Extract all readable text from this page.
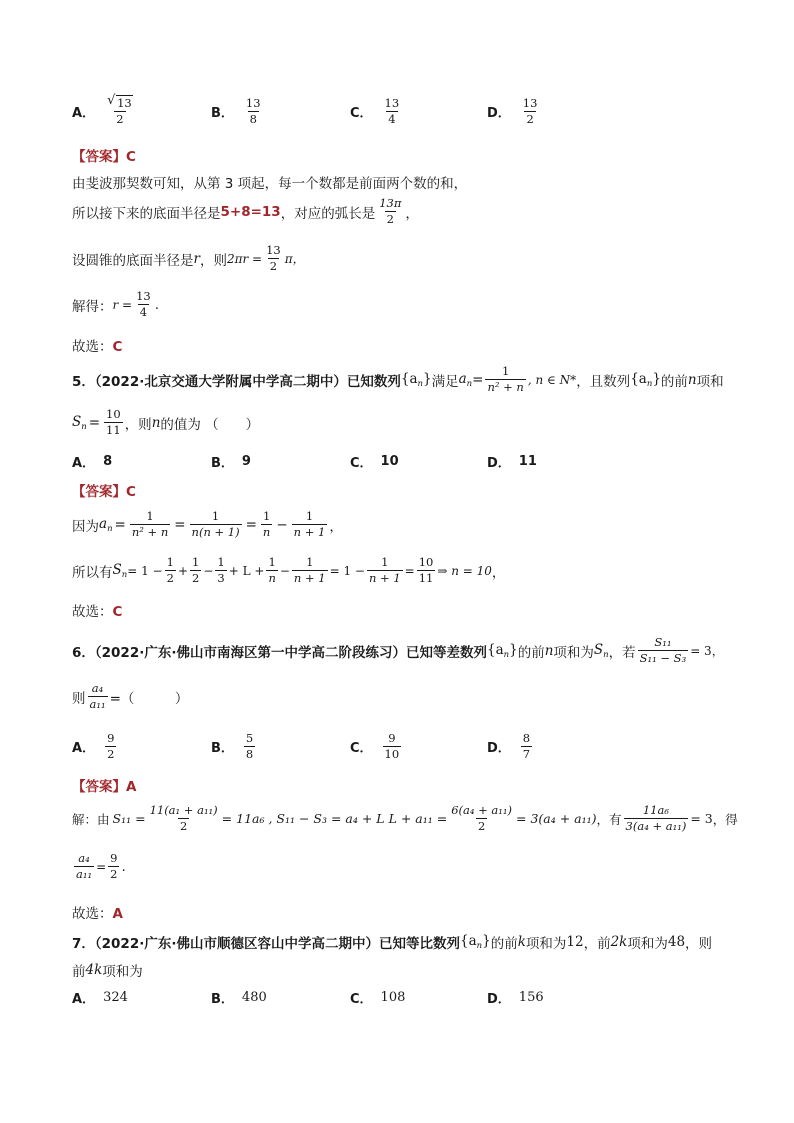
A．
√ 13
2	B．
13
8	C．
13
4	D．
13
2
【答案】C
由斐波那契数可知，从第 3 项起，每一个数都是前面两个数的和，
所以接下来的底面半径是 5+8=13 ，对应的弧长是
13π
2 ，
设圆锥的底面半径是 r ，则 $2\pi r = \frac{13}{2}$ π，
解得： $r = \frac{13}{4}$ .
故选：C
5．（2022·北京交通大学附属中学高二期中）已知数列 $\{a_n\}$ 满足 $a_n = \frac{1}{\text{n² + n}}$ , n ∈ N* ，且数列 $\{a_n\}$ 的前 n 项和
$S_n = \frac{10}{11}$ ，则 n 的值为 （　　）
A． 8	B． 9	C． 10	D． 11
【答案】C
因为 $a_n = \frac{1}{\text{n² + n}} = \frac{1}{n(n + 1)} = \frac{1}{n} - \frac{1}{n + 1}$ ，
所以有 $S_n = 1 - \frac{1}{2} + \frac{1}{2} - \frac{1}{3} + L + \frac{1}{n} - \frac{1}{n + 1} = 1 - \frac{1}{n + 1} = \frac{10}{11}$ ⇒ n = 10 ，
故选：C
6．（2022·广东·佛山市南海区第一中学高二阶段练习）已知等差数列 $\{a_n\}$ 的前 n 项和为 $S_n$ ，若 $\frac{\text{S₁₁}}{\text{S₁₁ − S₃}} = 3$，
则 $\frac{\text{a₄}}{\text{a₁₁}}$ =（　　　）
A．
9
2	B．
5
8	C．
9
10	D．
8
7
【答案】A
解：由 $S_{11} = \frac{\text{11(a₁ + a₁₁)}}{2} = 11a_6$ , S₁₁ − S₃ = a₄ + L $L + a_{11} = \frac{\text{6(a₄ + a₁₁)}}{2} = 3(a_4 + a_{11})$ ，有 $\frac{\text{11a₆}}{\text{3(a₄ + a₁₁)}} = 3$ ，得
$\frac{\text{a₄}}{\text{a₁₁}} = \frac{9}{2}$ .
故选：A
7．（2022·广东·佛山市顺德区容山中学高二期中）已知等比数列 $\{a_n\}$ 的前 k 项和为 12 ，前 2k 项和为 48 ，则
前 4k 项和为
A． 324	B． 480	C． 108	D． 156
